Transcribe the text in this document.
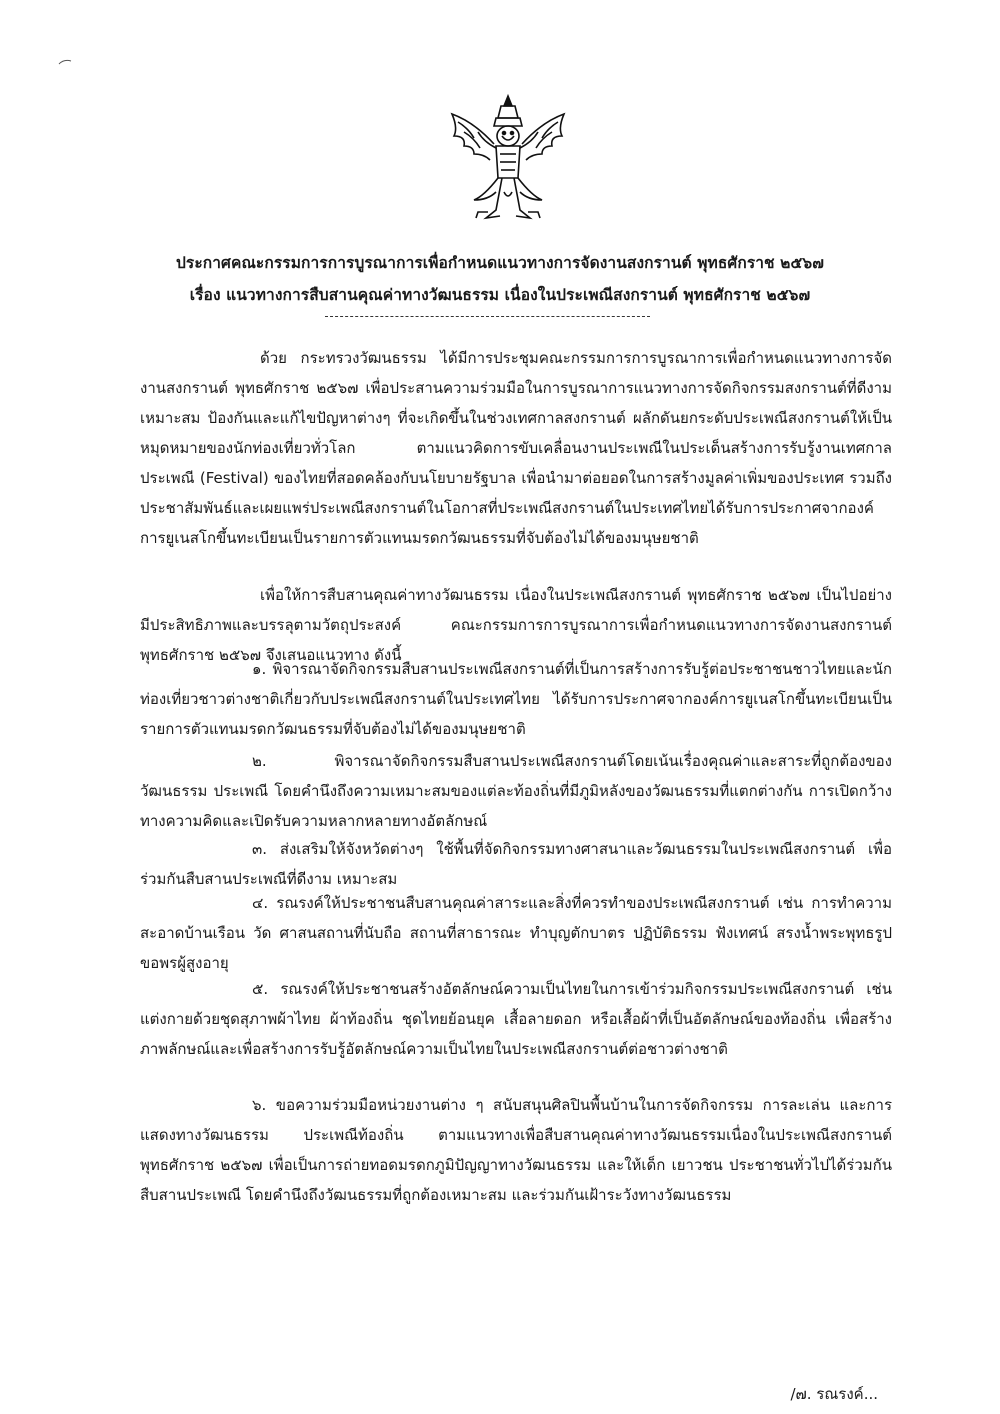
ประกาศคณะกรรมการการบูรณาการเพื่อกำหนดแนวทางการจัดงานสงกรานต์ พุทธศักราช ๒๕๖๗
เรื่อง แนวทางการสืบสานคุณค่าทางวัฒนธรรม เนื่องในประเพณีสงกรานต์ พุทธศักราช ๒๕๖๗

ด้วย กระทรวงวัฒนธรรม ได้มีการประชุมคณะกรรมการการบูรณาการเพื่อกำหนดแนวทางการจัดงานสงกรานต์ พุทธศักราช ๒๕๖๗ เพื่อประสานความร่วมมือในการบูรณาการแนวทางการจัดกิจกรรมสงกรานต์ที่ดีงามเหมาะสม ป้องกันและแก้ไขปัญหาต่างๆ ที่จะเกิดขึ้นในช่วงเทศกาลสงกรานต์ ผลักดันยกระดับประเพณีสงกรานต์ให้เป็นหมุดหมายของนักท่องเที่ยวทั่วโลก ตามแนวคิดการขับเคลื่อนงานประเพณีในประเด็นสร้างการรับรู้งานเทศกาล ประเพณี (Festival) ของไทยที่สอดคล้องกับนโยบายรัฐบาล เพื่อนำมาต่อยอดในการสร้างมูลค่าเพิ่มของประเทศ รวมถึงประชาสัมพันธ์และเผยแพร่ประเพณีสงกรานต์ในโอกาสที่ประเพณีสงกรานต์ในประเทศไทยได้รับการประกาศจากองค์การยูเนสโกขึ้นทะเบียนเป็นรายการตัวแทนมรดกวัฒนธรรมที่จับต้องไม่ได้ของมนุษยชาติ

เพื่อให้การสืบสานคุณค่าทางวัฒนธรรม เนื่องในประเพณีสงกรานต์ พุทธศักราช ๒๕๖๗ เป็นไปอย่างมีประสิทธิภาพและบรรลุตามวัตถุประสงค์ คณะกรรมการการบูรณาการเพื่อกำหนดแนวทางการจัดงานสงกรานต์ พุทธศักราช ๒๕๖๗ จึงเสนอแนวทาง ดังนี้

๑. พิจารณาจัดกิจกรรมสืบสานประเพณีสงกรานต์ที่เป็นการสร้างการรับรู้ต่อประชาชนชาวไทยและนักท่องเที่ยวชาวต่างชาติเกี่ยวกับประเพณีสงกรานต์ในประเทศไทย ได้รับการประกาศจากองค์การยูเนสโกขึ้นทะเบียนเป็นรายการตัวแทนมรดกวัฒนธรรมที่จับต้องไม่ได้ของมนุษยชาติ

๒. พิจารณาจัดกิจกรรมสืบสานประเพณีสงกรานต์โดยเน้นเรื่องคุณค่าและสาระที่ถูกต้องของวัฒนธรรม ประเพณี โดยคำนึงถึงความเหมาะสมของแต่ละท้องถิ่นที่มีภูมิหลังของวัฒนธรรมที่แตกต่างกัน การเปิดกว้างทางความคิดและเปิดรับความหลากหลายทางอัตลักษณ์

๓. ส่งเสริมให้จังหวัดต่างๆ ใช้พื้นที่จัดกิจกรรมทางศาสนาและวัฒนธรรมในประเพณีสงกรานต์ เพื่อร่วมกันสืบสานประเพณีที่ดีงาม เหมาะสม

๔. รณรงค์ให้ประชาชนสืบสานคุณค่าสาระและสิ่งที่ควรทำของประเพณีสงกรานต์ เช่น การทำความสะอาดบ้านเรือน วัด ศาสนสถานที่นับถือ สถานที่สาธารณะ ทำบุญตักบาตร ปฏิบัติธรรม ฟังเทศน์ สรงน้ำพระพุทธรูป ขอพรผู้สูงอายุ

๕. รณรงค์ให้ประชาชนสร้างอัตลักษณ์ความเป็นไทยในการเข้าร่วมกิจกรรมประเพณีสงกรานต์ เช่น แต่งกายด้วยชุดสุภาพผ้าไทย ผ้าท้องถิ่น ชุดไทยย้อนยุค เสื้อลายดอก หรือเสื้อผ้าที่เป็นอัตลักษณ์ของท้องถิ่น เพื่อสร้างภาพลักษณ์และเพื่อสร้างการรับรู้อัตลักษณ์ความเป็นไทยในประเพณีสงกรานต์ต่อชาวต่างชาติ

๖. ขอความร่วมมือหน่วยงานต่าง ๆ สนับสนุนศิลปินพื้นบ้านในการจัดกิจกรรม การละเล่น และการแสดงทางวัฒนธรรม ประเพณีท้องถิ่น ตามแนวทางเพื่อสืบสานคุณค่าทางวัฒนธรรมเนื่องในประเพณีสงกรานต์ พุทธศักราช ๒๕๖๗ เพื่อเป็นการถ่ายทอดมรดกภูมิปัญญาทางวัฒนธรรม และให้เด็ก เยาวชน ประชาชนทั่วไปได้ร่วมกันสืบสานประเพณี โดยคำนึงถึงวัฒนธรรมที่ถูกต้องเหมาะสม และร่วมกันเฝ้าระวังทางวัฒนธรรม

/๗. รณรงค์...
